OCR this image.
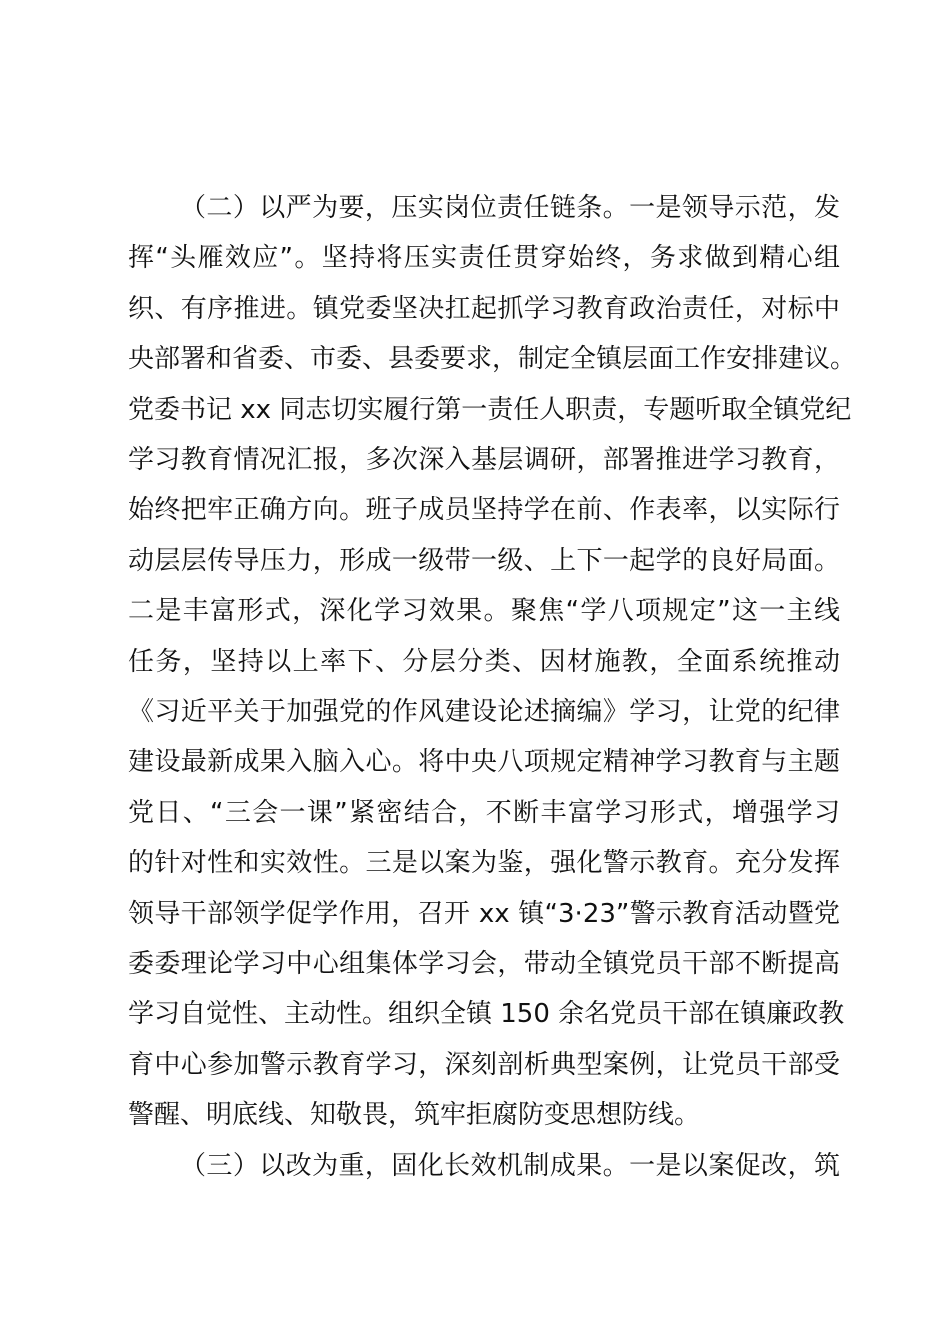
（二）以严为要，压实岗位责任链条。一是领导示范，发
挥“头雁效应”。坚持将压实责任贯穿始终，务求做到精心组
织、有序推进。镇党委坚决扛起抓学习教育政治责任，对标中
央部署和省委、市委、县委要求，制定全镇层面工作安排建议。
党委书记 xx 同志切实履行第一责任人职责，专题听取全镇党纪
学习教育情况汇报，多次深入基层调研，部署推进学习教育，
始终把牢正确方向。班子成员坚持学在前、作表率，以实际行
动层层传导压力，形成一级带一级、上下一起学的良好局面。
二是丰富形式，深化学习效果。聚焦“学八项规定”这一主线
任务，坚持以上率下、分层分类、因材施教，全面系统推动
《习近平关于加强党的作风建设论述摘编》学习，让党的纪律
建设最新成果入脑入心。将中央八项规定精神学习教育与主题
党日、“三会一课”紧密结合，不断丰富学习形式，增强学习
的针对性和实效性。三是以案为鉴，强化警示教育。充分发挥
领导干部领学促学作用，召开 xx 镇“3·23”警示教育活动暨党
委委理论学习中心组集体学习会，带动全镇党员干部不断提高
学习自觉性、主动性。组织全镇 150 余名党员干部在镇廉政教
育中心参加警示教育学习，深刻剖析典型案例，让党员干部受
警醒、明底线、知敬畏，筑牢拒腐防变思想防线。
（三）以改为重，固化长效机制成果。一是以案促改，筑
